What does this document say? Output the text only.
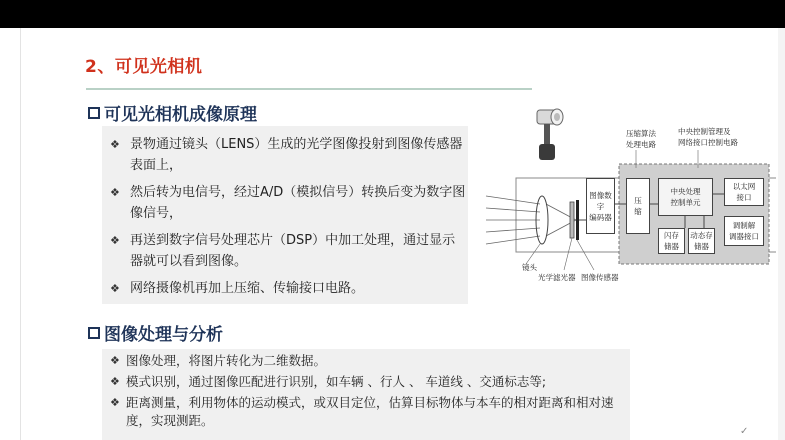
2、可见光相机
可见光相机成像原理
❖ 景物通过镜头（LENS）生成的光学图像投射到图像传感器表面上，
❖ 然后转为电信号，经过A/D（模拟信号）转换后变为数字图像信号，
❖ 再送到数字信号处理芯片（DSP）中加工处理，通过显示器就可以看到图像。
❖ 网络摄像机再加上压缩、传输接口电路。
图像处理与分析
❖ 图像处理，将图片转化为二维数据。
❖ 模式识别，通过图像匹配进行识别，如车辆 、行人 、 车道线 、交通标志等;
❖ 距离测量，利用物体的运动模式，或双目定位，估算目标物体与本车的相对距离和相对速度，实现测距。
压缩算法
处理电路
中央控制管理及
网络接口控制电路
图像数字
编码器
压
缩
中央处理
控制单元
以太网
接口
闪存
储器
动态存
储器
调制解
调器接口
镜头
光学滤光器 图像传感器
✓
